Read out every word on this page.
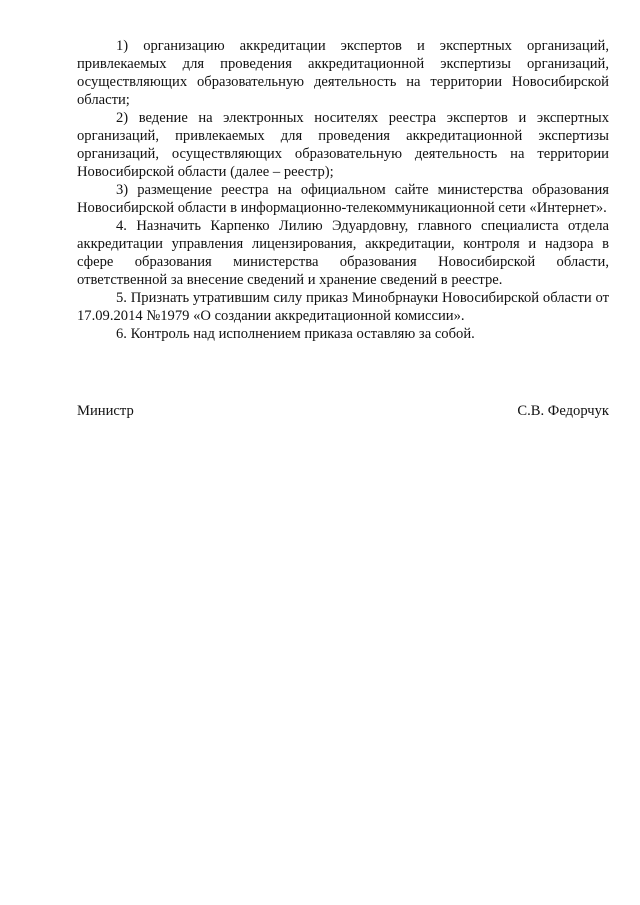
1) организацию аккредитации экспертов и экспертных организаций, привлекаемых для проведения аккредитационной экспертизы организаций, осуществляющих образовательную деятельность на территории Новосибирской области;

2) ведение на электронных носителях реестра экспертов и экспертных организаций, привлекаемых для проведения аккредитационной экспертизы организаций, осуществляющих образовательную деятельность на территории Новосибирской области (далее – реестр);

3) размещение реестра на официальном сайте министерства образования Новосибирской области в информационно-телекоммуникационной сети «Интернет».

4. Назначить Карпенко Лилию Эдуардовну, главного специалиста отдела аккредитации управления лицензирования, аккредитации, контроля и надзора в сфере образования министерства образования Новосибирской области, ответственной за внесение сведений и хранение сведений в реестре.

5. Признать утратившим силу приказ Минобрнауки Новосибирской области от 17.09.2014 №1979 «О создании аккредитационной комиссии».

6. Контроль над исполнением приказа оставляю за собой.

Министр	С.В. Федорчук
